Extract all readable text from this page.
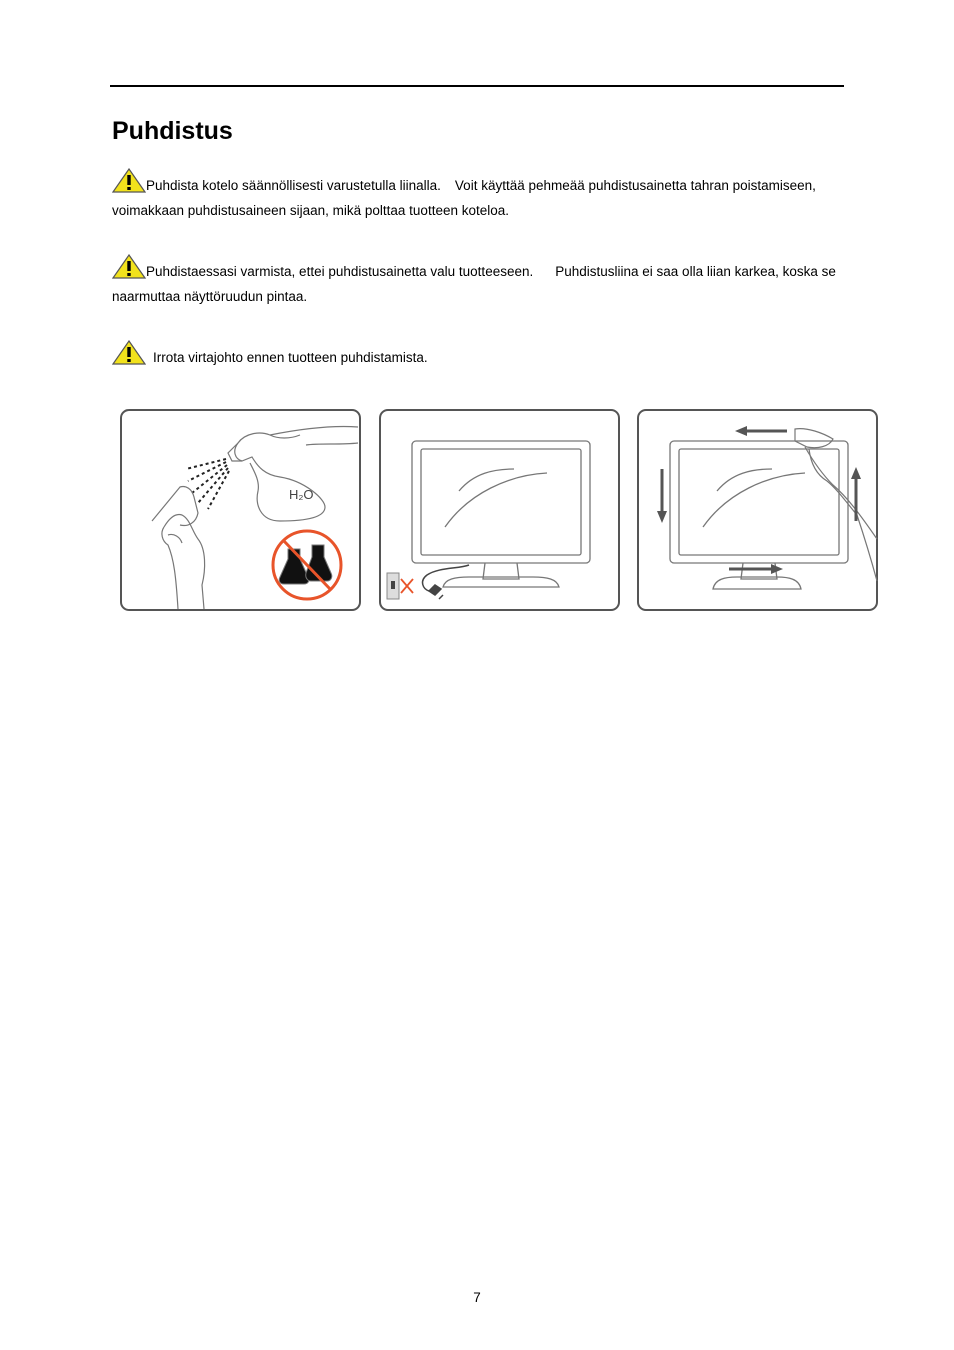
Puhdistus

Puhdista kotelo säännöllisesti varustetulla liinalla. Voit käyttää pehmeää puhdistusainetta tahran poistamiseen, voimakkaan puhdistusaineen sijaan, mikä polttaa tuotteen koteloa.

Puhdistaessasi varmista, ettei puhdistusainetta valu tuotteeseen. Puhdistusliina ei saa olla liian karkea, koska se naarmuttaa näyttöruudun pintaa.

Irrota virtajohto ennen tuotteen puhdistamista.

H₂O
7
